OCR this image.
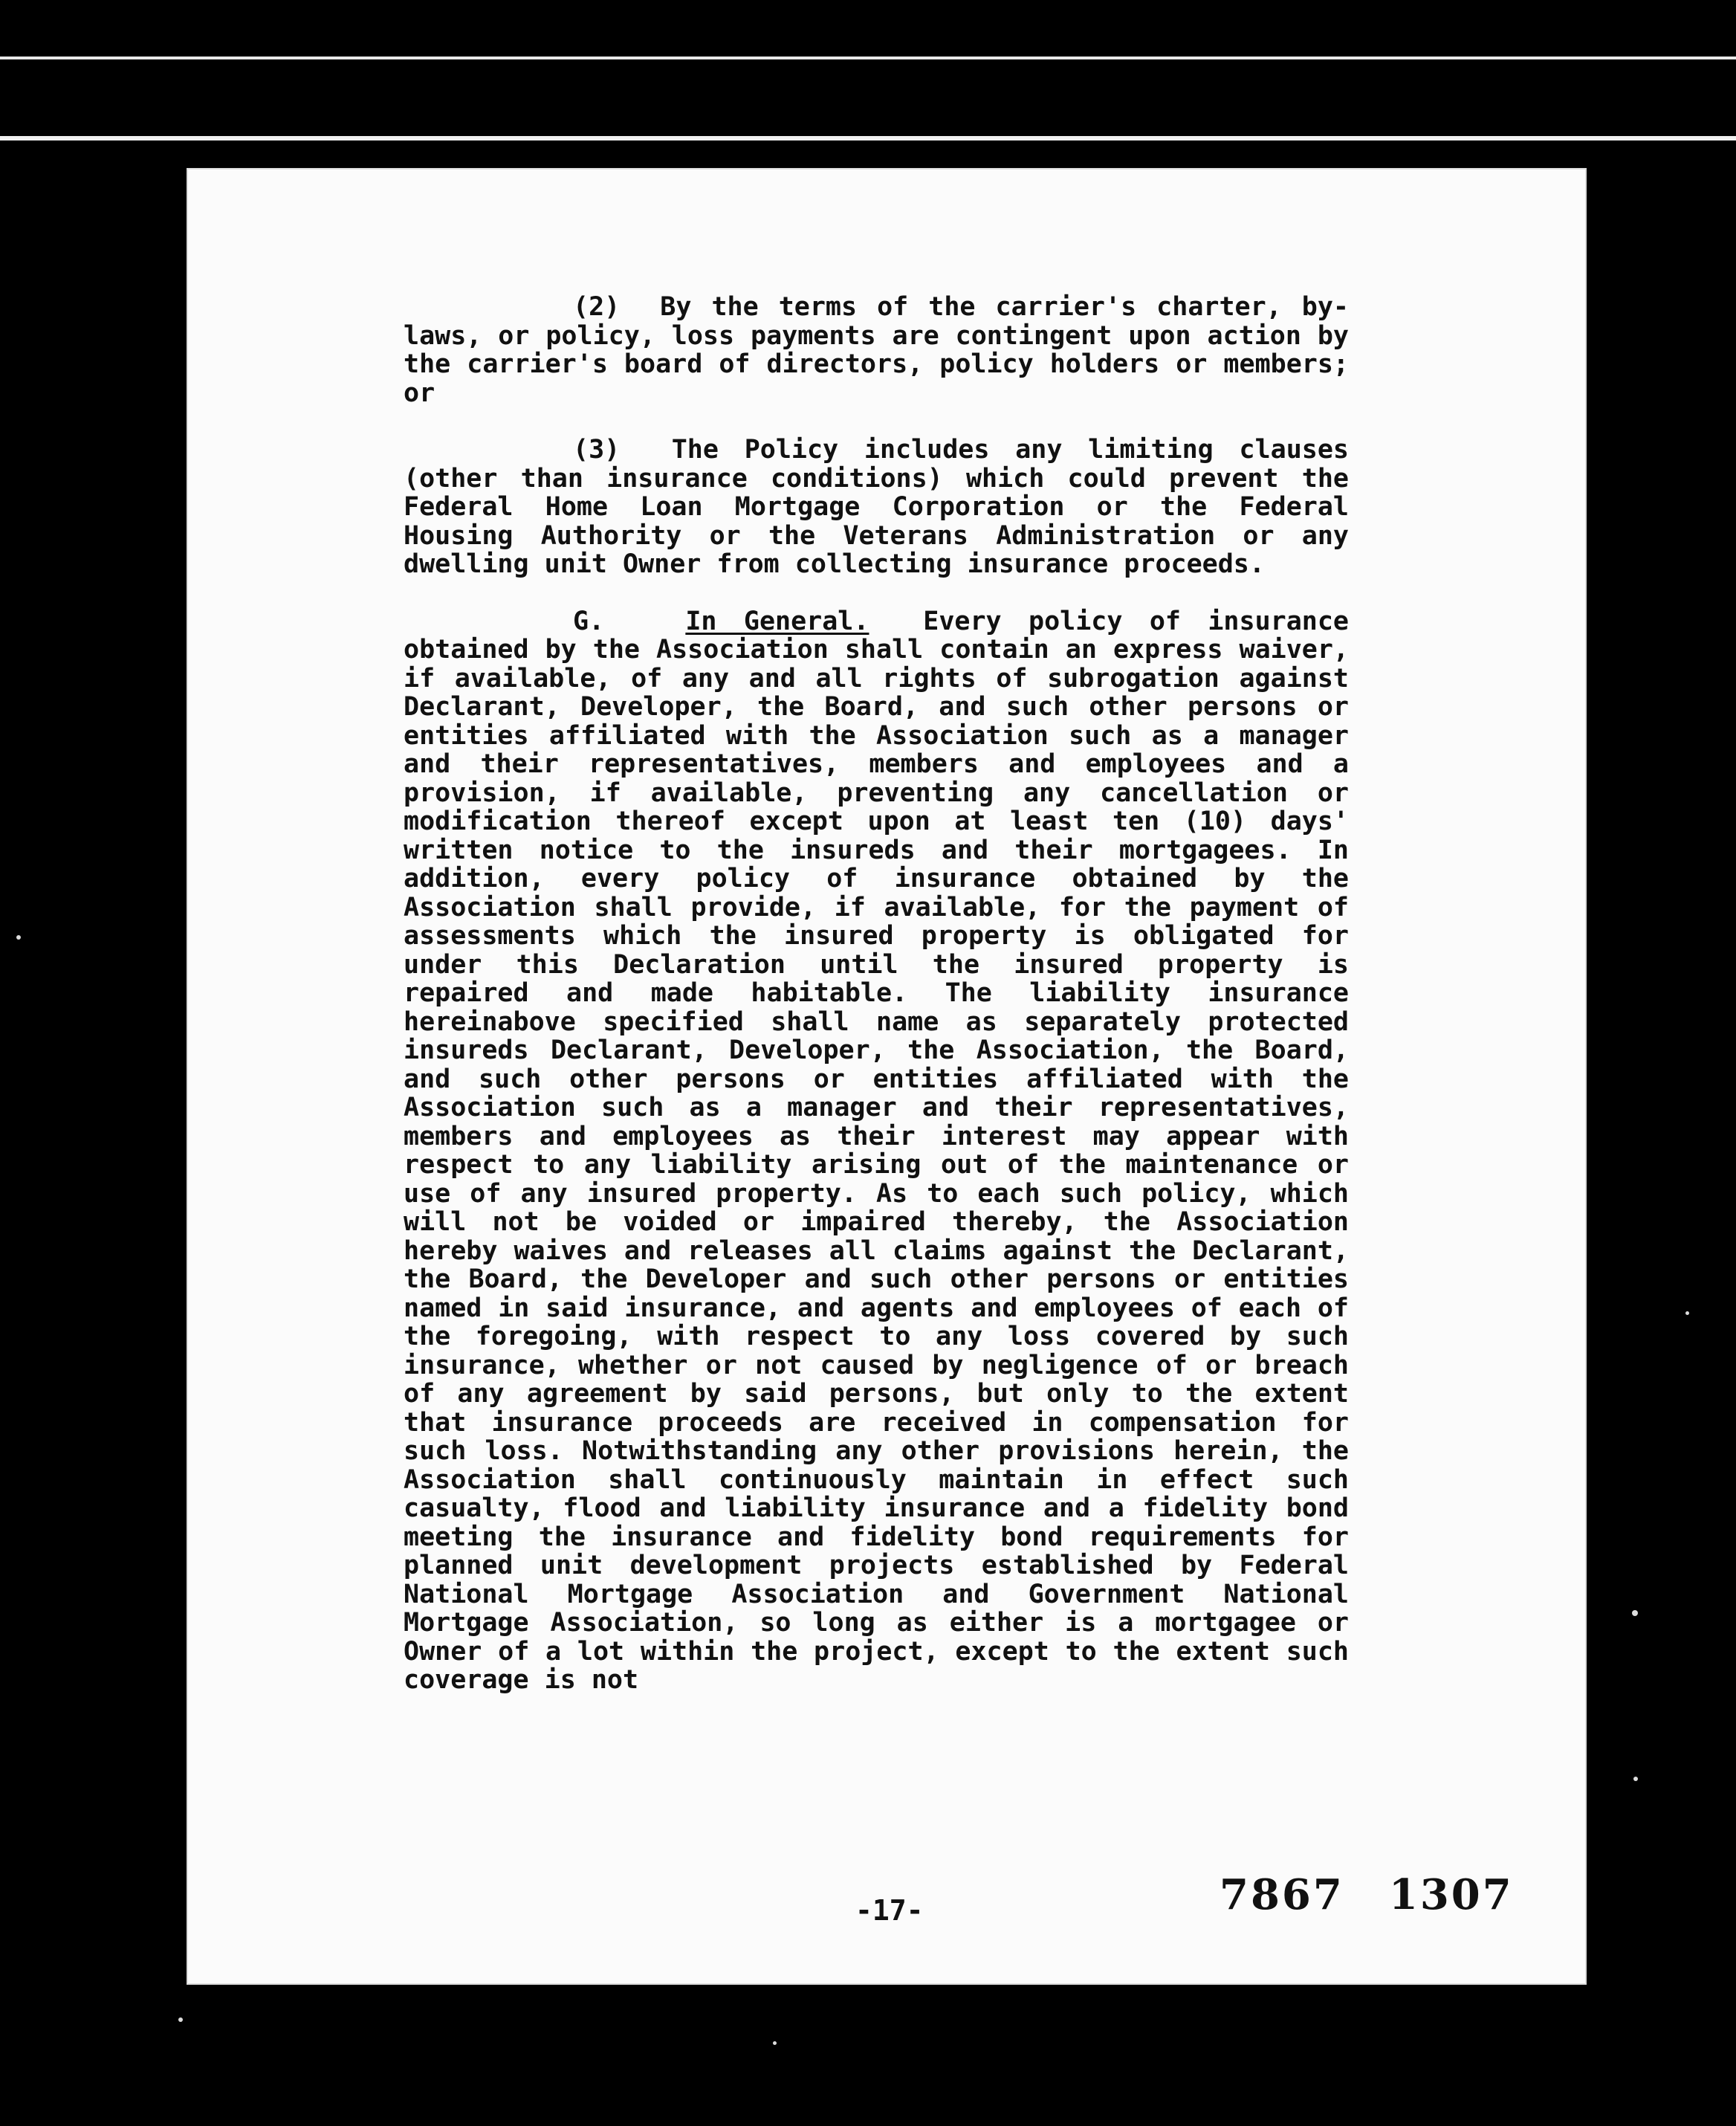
(2) By the terms of the carrier's charter, by-laws, or policy, loss payments are contingent upon action by the carrier's board of directors, policy holders or members; or

(3) The Policy includes any limiting clauses (other than insurance conditions) which could prevent the Federal Home Loan Mortgage Corporation or the Federal Housing Authority or the Veterans Administration or any dwelling unit Owner from collecting insurance proceeds.

G.	In General. Every policy of insurance obtained by the Association shall contain an express waiver, if available, of any and all rights of subrogation against Declarant, Developer, the Board, and such other persons or entities affiliated with the Association such as a manager and their representatives, members and employees and a provision, if available, preventing any cancellation or modification thereof except upon at least ten (10) days' written notice to the insureds and their mortgagees. In addition, every policy of insurance obtained by the Association shall provide, if available, for the payment of assessments which the insured property is obligated for under this Declaration until the insured property is repaired and made habitable. The liability insurance hereinabove specified shall name as separately protected insureds Declarant, Developer, the Association, the Board, and such other persons or entities affiliated with the Association such as a manager and their representatives, members and employees as their interest may appear with respect to any liability arising out of the maintenance or use of any insured property. As to each such policy, which will not be voided or impaired thereby, the Association hereby waives and releases all claims against the Declarant, the Board, the Developer and such other persons or entities named in said insurance, and agents and employees of each of the foregoing, with respect to any loss covered by such insurance, whether or not caused by negligence of or breach of any agreement by said persons, but only to the extent that insurance proceeds are received in compensation for such loss. Notwithstanding any other provisions herein, the Association shall continuously maintain in effect such casualty, flood and liability insurance and a fidelity bond meeting the insurance and fidelity bond requirements for planned unit development projects established by Federal National Mortgage Association and Government National Mortgage Association, so long as either is a mortgagee or Owner of a lot within the project, except to the extent such coverage is not

-17-	7867 1307
